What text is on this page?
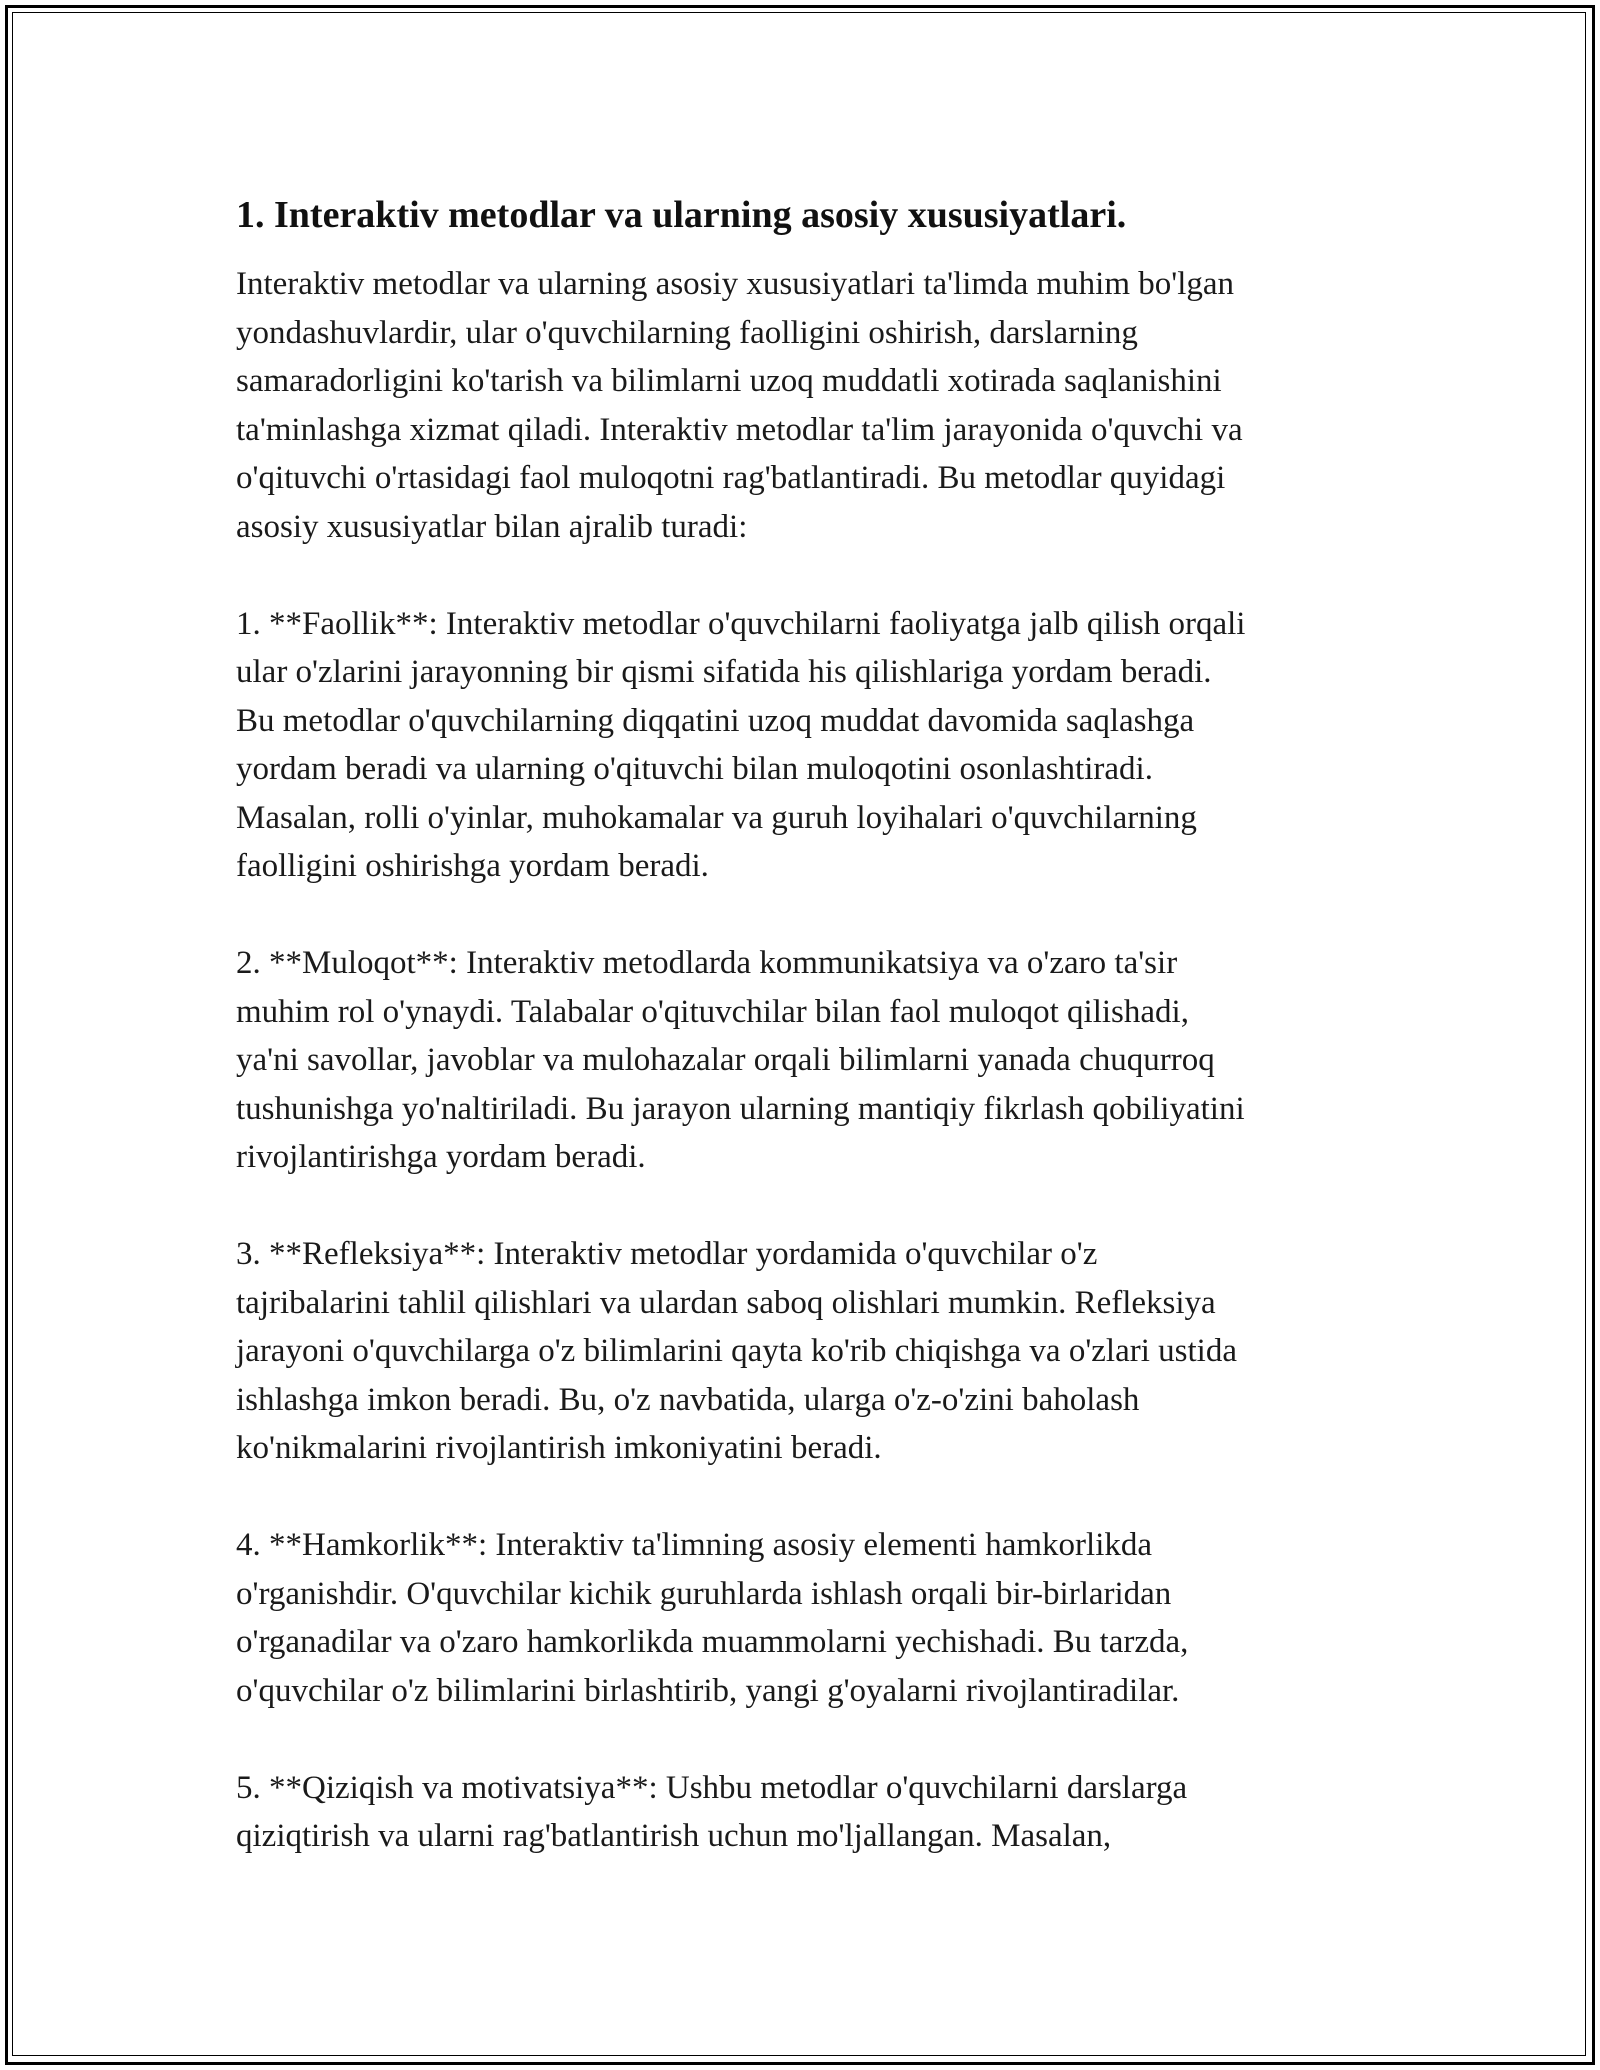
1. Interaktiv metodlar va ularning asosiy xususiyatlari.

Interaktiv metodlar va ularning asosiy xususiyatlari ta'limda muhim bo'lgan
yondashuvlardir, ular o'quvchilarning faolligini oshirish, darslarning
samaradorligini ko'tarish va bilimlarni uzoq muddatli xotirada saqlanishini
ta'minlashga xizmat qiladi. Interaktiv metodlar ta'lim jarayonida o'quvchi va
o'qituvchi o'rtasidagi faol muloqotni rag'batlantiradi. Bu metodlar quyidagi
asosiy xususiyatlar bilan ajralib turadi:

1. **Faollik**: Interaktiv metodlar o'quvchilarni faoliyatga jalb qilish orqali
ular o'zlarini jarayonning bir qismi sifatida his qilishlariga yordam beradi.
Bu metodlar o'quvchilarning diqqatini uzoq muddat davomida saqlashga
yordam beradi va ularning o'qituvchi bilan muloqotini osonlashtiradi.
Masalan, rolli o'yinlar, muhokamalar va guruh loyihalari o'quvchilarning
faolligini oshirishga yordam beradi.

2. **Muloqot**: Interaktiv metodlarda kommunikatsiya va o'zaro ta'sir
muhim rol o'ynaydi. Talabalar o'qituvchilar bilan faol muloqot qilishadi,
ya'ni savollar, javoblar va mulohazalar orqali bilimlarni yanada chuqurroq
tushunishga yo'naltiriladi. Bu jarayon ularning mantiqiy fikrlash qobiliyatini
rivojlantirishga yordam beradi.

3. **Refleksiya**: Interaktiv metodlar yordamida o'quvchilar o'z
tajribalarini tahlil qilishlari va ulardan saboq olishlari mumkin. Refleksiya
jarayoni o'quvchilarga o'z bilimlarini qayta ko'rib chiqishga va o'zlari ustida
ishlashga imkon beradi. Bu, o'z navbatida, ularga o'z-o'zini baholash
ko'nikmalarini rivojlantirish imkoniyatini beradi.

4. **Hamkorlik**: Interaktiv ta'limning asosiy elementi hamkorlikda
o'rganishdir. O'quvchilar kichik guruhlarda ishlash orqali bir-birlaridan
o'rganadilar va o'zaro hamkorlikda muammolarni yechishadi. Bu tarzda,
o'quvchilar o'z bilimlarini birlashtirib, yangi g'oyalarni rivojlantiradilar.

5. **Qiziqish va motivatsiya**: Ushbu metodlar o'quvchilarni darslarga
qiziqtirish va ularni rag'batlantirish uchun mo'ljallangan. Masalan,
